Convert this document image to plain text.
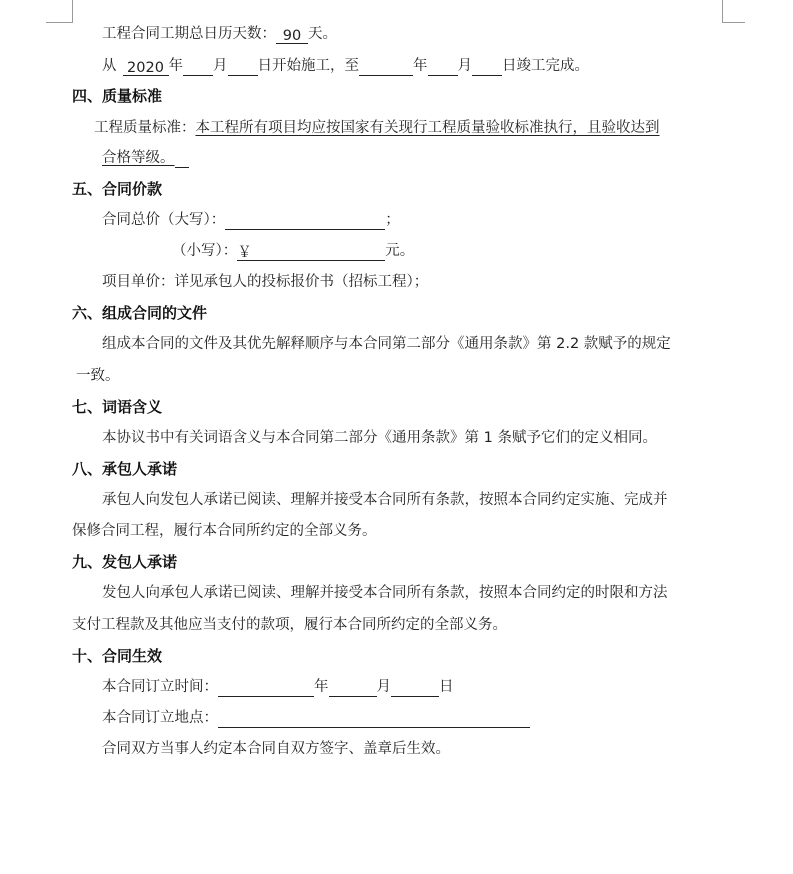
工程合同工期总日历天数： 90 天。
从 2020 年 月 日开始施工，至	年 月 日竣工完成。
四、质量标准
工程质量标准：本工程所有项目均应按国家有关现行工程质量验收标准执行，且验收达到
合格等级。
五、合同价款
合同总价（大写）：	；
（小写）：￥	元。
项目单价：详见承包人的投标报价书（招标工程）；
六、组成合同的文件
组成本合同的文件及其优先解释顺序与本合同第二部分《通用条款》第 2.2 款赋予的规定
一致。
七、词语含义
本协议书中有关词语含义与本合同第二部分《通用条款》第 1 条赋予它们的定义相同。
八、承包人承诺
承包人向发包人承诺已阅读、理解并接受本合同所有条款，按照本合同约定实施、完成并
保修合同工程，履行本合同所约定的全部义务。
九、发包人承诺
发包人向承包人承诺已阅读、理解并接受本合同所有条款，按照本合同约定的时限和方法
支付工程款及其他应当支付的款项，履行本合同所约定的全部义务。
十、合同生效
本合同订立时间：	年	月	日
本合同订立地点：
合同双方当事人约定本合同自双方签字、盖章后生效。
